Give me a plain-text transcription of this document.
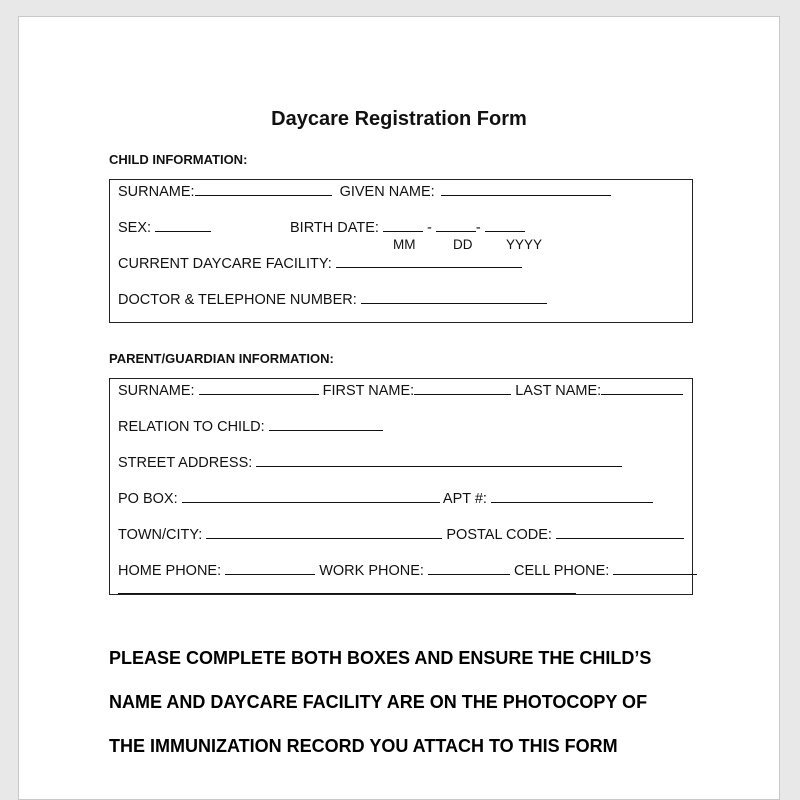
Daycare Registration Form
CHILD INFORMATION:
SURNAME:	GIVEN NAME:
SEX:	BIRTH DATE:	-	-
MM	DD YYYY
CURRENT DAYCARE FACILITY:
DOCTOR & TELEPHONE NUMBER:
PARENT/GUARDIAN INFORMATION:
SURNAME:	FIRST NAME:	LAST NAME:
RELATION TO CHILD:
STREET ADDRESS:
PO BOX:	APT #:
TOWN/CITY:	POSTAL CODE:
HOME PHONE:	WORK PHONE:	CELL PHONE:

PLEASE COMPLETE BOTH BOXES AND ENSURE THE CHILD’S

NAME AND DAYCARE FACILITY ARE ON THE PHOTOCOPY OF

THE IMMUNIZATION RECORD YOU ATTACH TO THIS FORM
